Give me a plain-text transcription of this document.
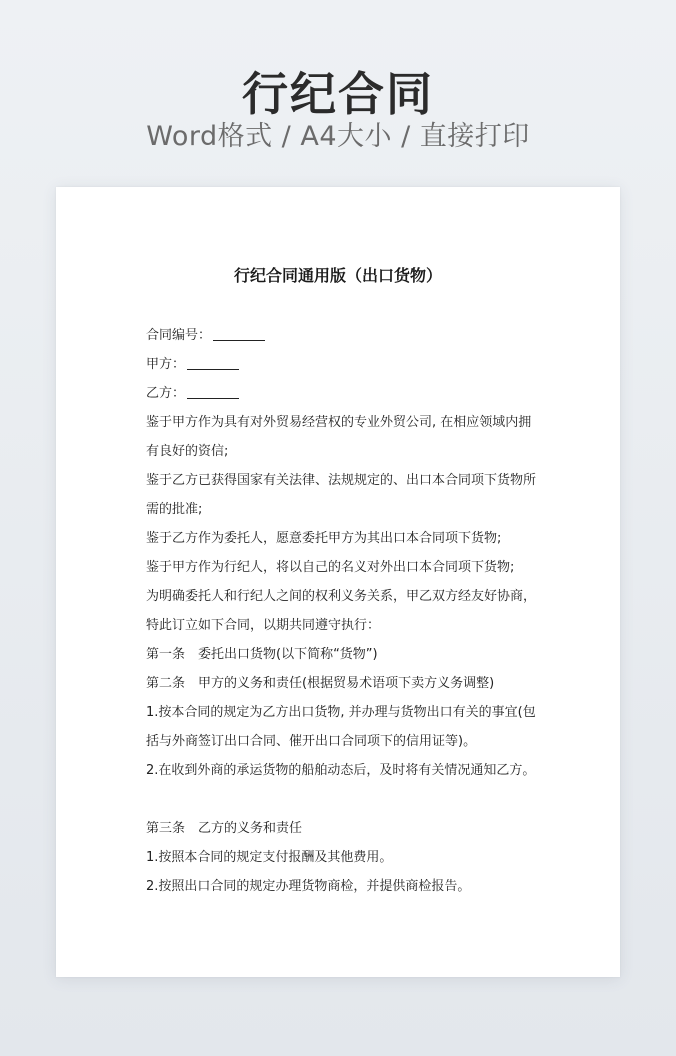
行纪合同
Word格式 / A4大小 / 直接打印
行纪合同通用版（出口货物）
合同编号：
甲方：
乙方：
鉴于甲方作为具有对外贸易经营权的专业外贸公司, 在相应领域内拥
有良好的资信;
鉴于乙方已获得国家有关法律、法规规定的、出口本合同项下货物所
需的批准;
鉴于乙方作为委托人，愿意委托甲方为其出口本合同项下货物;
鉴于甲方作为行纪人，将以自己的名义对外出口本合同项下货物;
为明确委托人和行纪人之间的权利义务关系，甲乙双方经友好协商，
特此订立如下合同，以期共同遵守执行：
第一条　委托出口货物(以下简称“货物”)
第二条　甲方的义务和责任(根据贸易术语项下卖方义务调整)
1.按本合同的规定为乙方出口货物, 并办理与货物出口有关的事宜(包
括与外商签订出口合同、催开出口合同项下的信用证等)。
2.在收到外商的承运货物的船舶动态后，及时将有关情况通知乙方。
第三条　乙方的义务和责任
1.按照本合同的规定支付报酬及其他费用。
2.按照出口合同的规定办理货物商检，并提供商检报告。
